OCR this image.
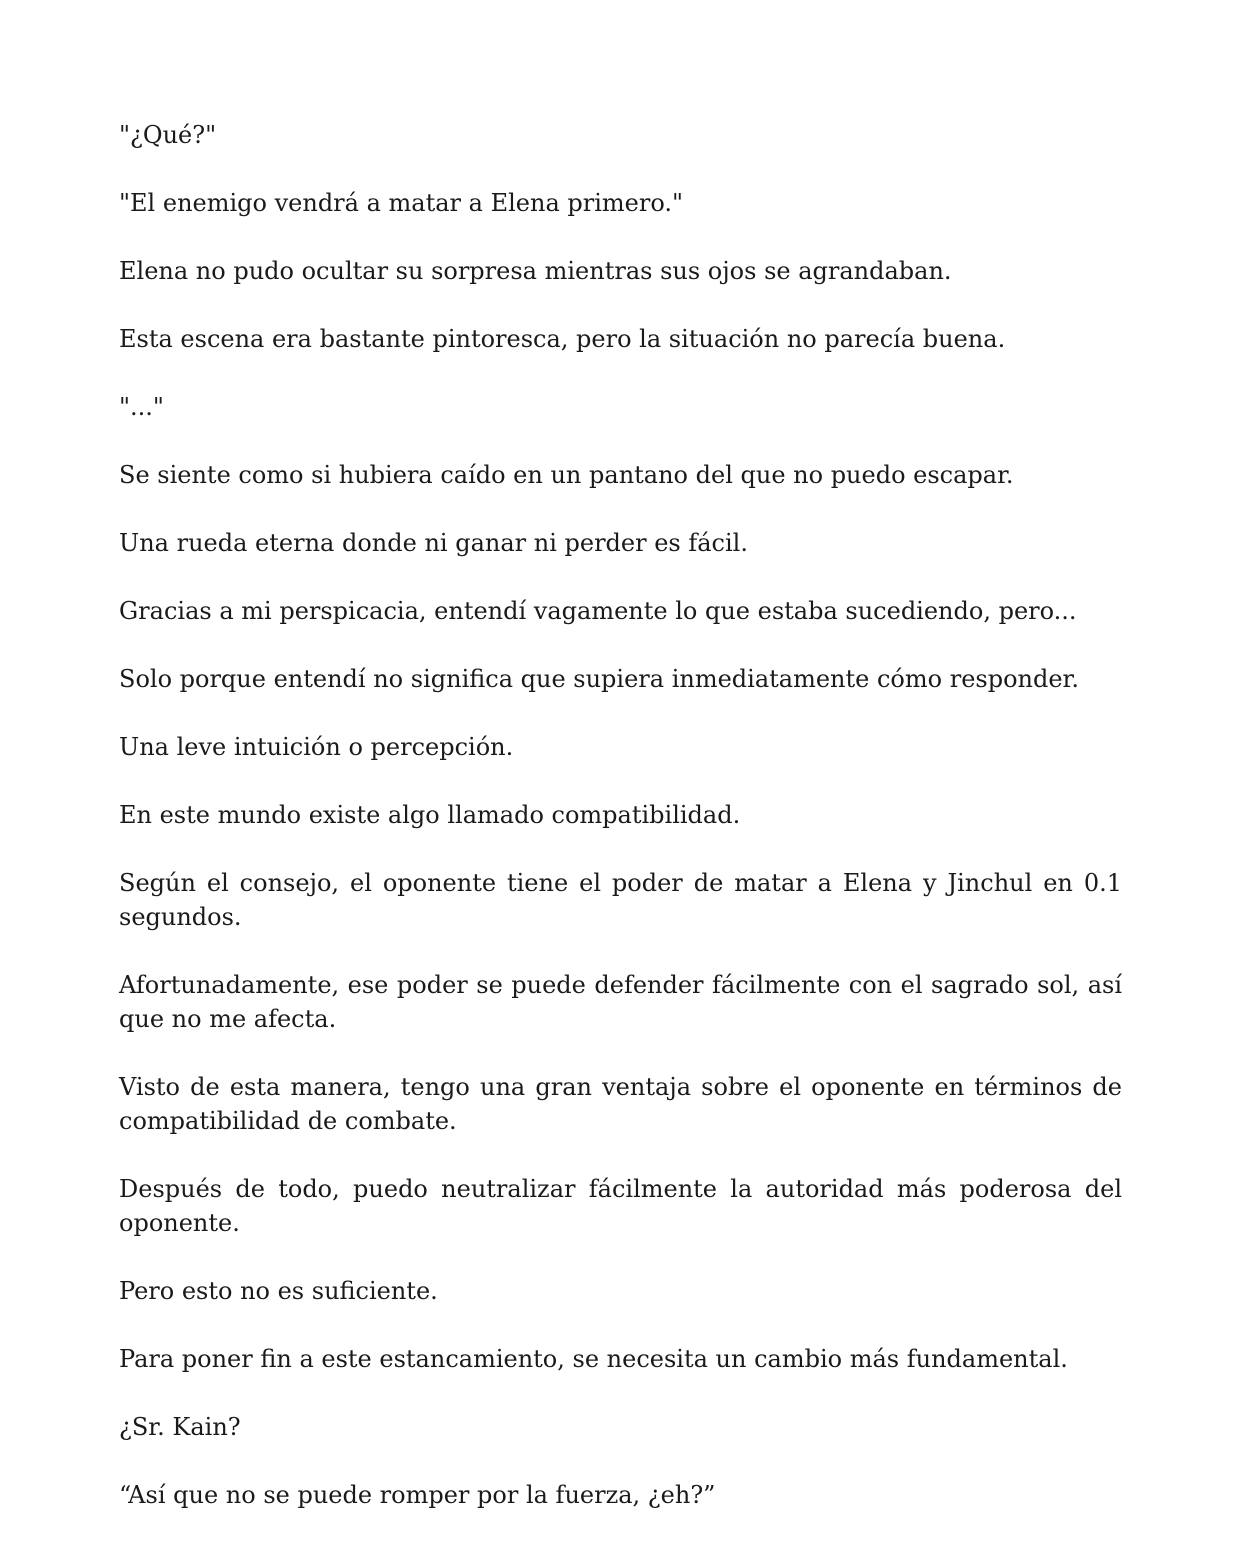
"¿Qué?"

"El enemigo vendrá a matar a Elena primero."

Elena no pudo ocultar su sorpresa mientras sus ojos se agrandaban.

Esta escena era bastante pintoresca, pero la situación no parecía buena.

"..."

Se siente como si hubiera caído en un pantano del que no puedo escapar.

Una rueda eterna donde ni ganar ni perder es fácil.

Gracias a mi perspicacia, entendí vagamente lo que estaba sucediendo, pero...

Solo porque entendí no significa que supiera inmediatamente cómo responder.

Una leve intuición o percepción.

En este mundo existe algo llamado compatibilidad.

Según el consejo, el oponente tiene el poder de matar a Elena y Jinchul en 0.1 segundos.

Afortunadamente, ese poder se puede defender fácilmente con el sagrado sol, así que no me afecta.

Visto de esta manera, tengo una gran ventaja sobre el oponente en términos de compatibilidad de combate.

Después de todo, puedo neutralizar fácilmente la autoridad más poderosa del oponente.

Pero esto no es suficiente.

Para poner fin a este estancamiento, se necesita un cambio más fundamental.

¿Sr. Kain?

“Así que no se puede romper por la fuerza, ¿eh?”
